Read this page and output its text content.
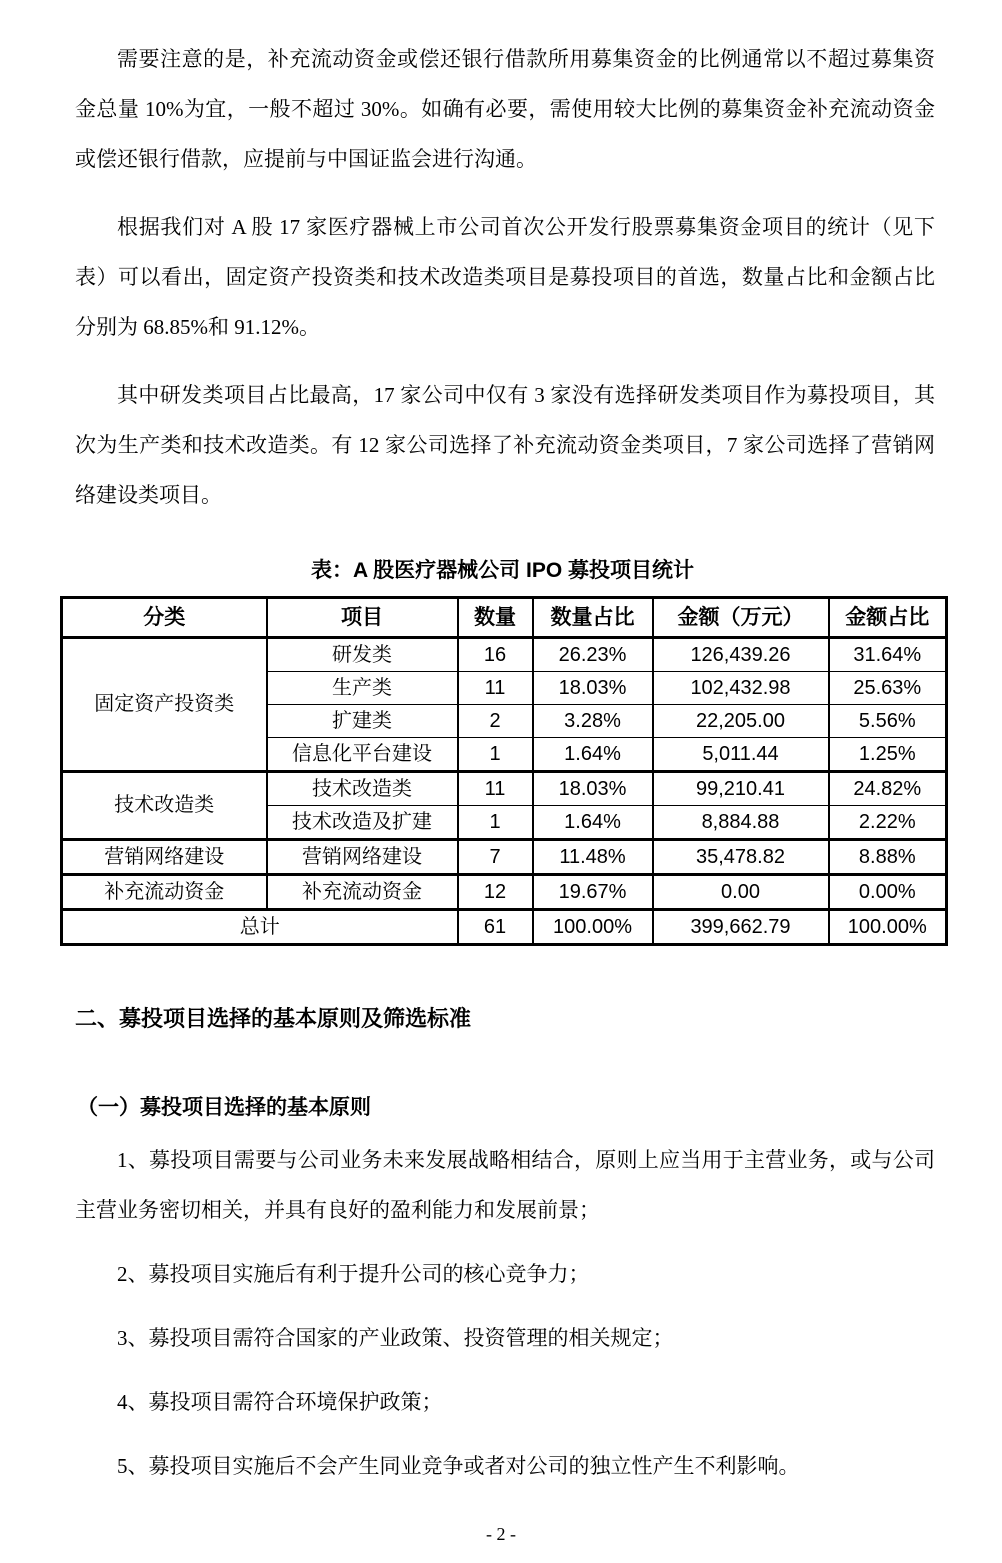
需要注意的是，补充流动资金或偿还银行借款所用募集资金的比例通常以不超过募集资金总量 10%为宜，一般不超过 30%。如确有必要，需使用较大比例的募集资金补充流动资金或偿还银行借款，应提前与中国证监会进行沟通。

根据我们对 A 股 17 家医疗器械上市公司首次公开发行股票募集资金项目的统计（见下表）可以看出，固定资产投资类和技术改造类项目是募投项目的首选，数量占比和金额占比分别为 68.85%和 91.12%。

其中研发类项目占比最高，17 家公司中仅有 3 家没有选择研发类项目作为募投项目，其次为生产类和技术改造类。有 12 家公司选择了补充流动资金类项目，7 家公司选择了营销网络建设类项目。

表：A 股医疗器械公司 IPO 募投项目统计
分类	项目	数量	数量占比	金额（万元）	金额占比
固定资产投资类	研发类	16	26.23%	126,439.26	31.64%
	生产类	11	18.03%	102,432.98	25.63%
	扩建类	2	3.28%	22,205.00	5.56%
	信息化平台建设	1	1.64%	5,011.44	1.25%
技术改造类	技术改造类	11	18.03%	99,210.41	24.82%
	技术改造及扩建	1	1.64%	8,884.88	2.22%
营销网络建设	营销网络建设	7	11.48%	35,478.82	8.88%
补充流动资金	补充流动资金	12	19.67%	0.00	0.00%
总计		61	100.00%	399,662.79	100.00%
二、募投项目选择的基本原则及筛选标准
（一）募投项目选择的基本原则

1、募投项目需要与公司业务未来发展战略相结合，原则上应当用于主营业务，或与公司主营业务密切相关，并具有良好的盈利能力和发展前景；

2、募投项目实施后有利于提升公司的核心竞争力；

3、募投项目需符合国家的产业政策、投资管理的相关规定；

4、募投项目需符合环境保护政策；

5、募投项目实施后不会产生同业竞争或者对公司的独立性产生不利影响。

- 2 -
